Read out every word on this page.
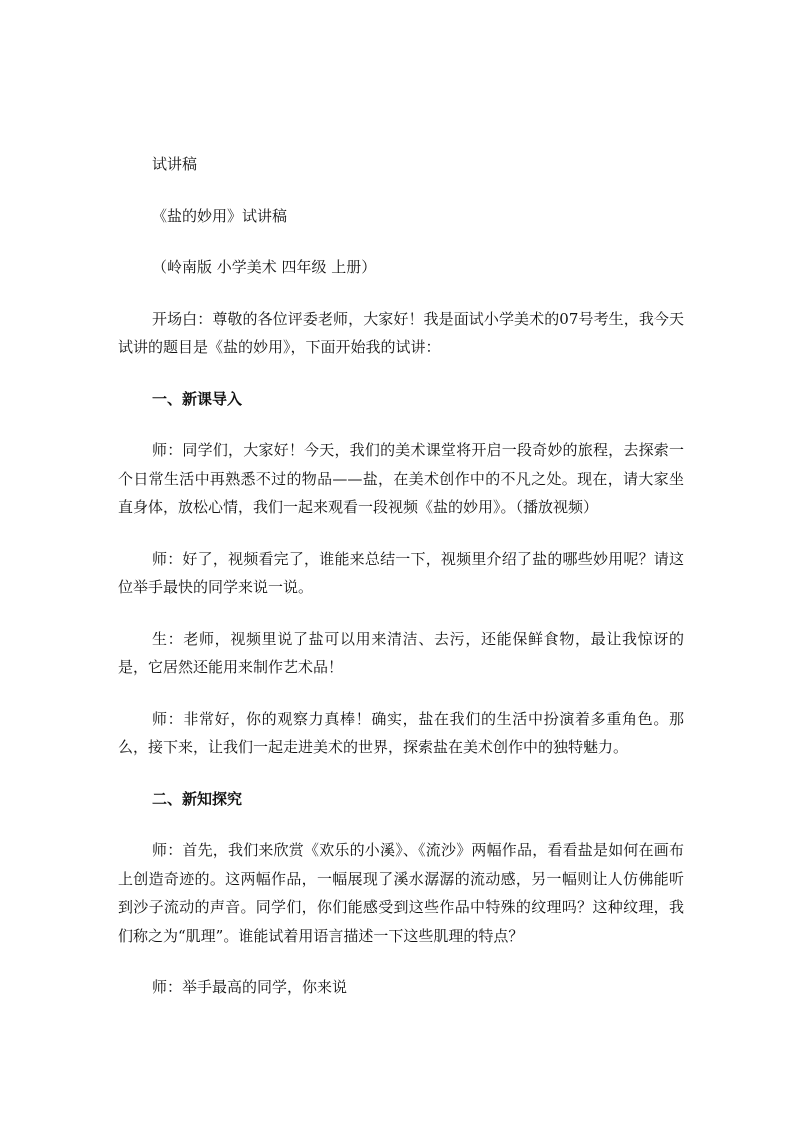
试讲稿

《盐的妙用》试讲稿

（岭南版 小学美术 四年级 上册）

开场白：尊敬的各位评委老师，大家好！我是面试小学美术的07号考生，我今天试讲的题目是《盐的妙用》，下面开始我的试讲：

一、新课导入

师：同学们，大家好！今天，我们的美术课堂将开启一段奇妙的旅程，去探索一个日常生活中再熟悉不过的物品——盐，在美术创作中的不凡之处。现在，请大家坐直身体，放松心情，我们一起来观看一段视频《盐的妙用》。（播放视频）

师：好了，视频看完了，谁能来总结一下，视频里介绍了盐的哪些妙用呢？请这位举手最快的同学来说一说。

生：老师，视频里说了盐可以用来清洁、去污，还能保鲜食物，最让我惊讶的是，它居然还能用来制作艺术品！

师：非常好，你的观察力真棒！确实，盐在我们的生活中扮演着多重角色。那么，接下来，让我们一起走进美术的世界，探索盐在美术创作中的独特魅力。

二、新知探究

师：首先，我们来欣赏《欢乐的小溪》、《流沙》两幅作品，看看盐是如何在画布上创造奇迹的。这两幅作品，一幅展现了溪水潺潺的流动感，另一幅则让人仿佛能听到沙子流动的声音。同学们，你们能感受到这些作品中特殊的纹理吗？这种纹理，我们称之为“肌理”。谁能试着用语言描述一下这些肌理的特点？

师：举手最高的同学，你来说
